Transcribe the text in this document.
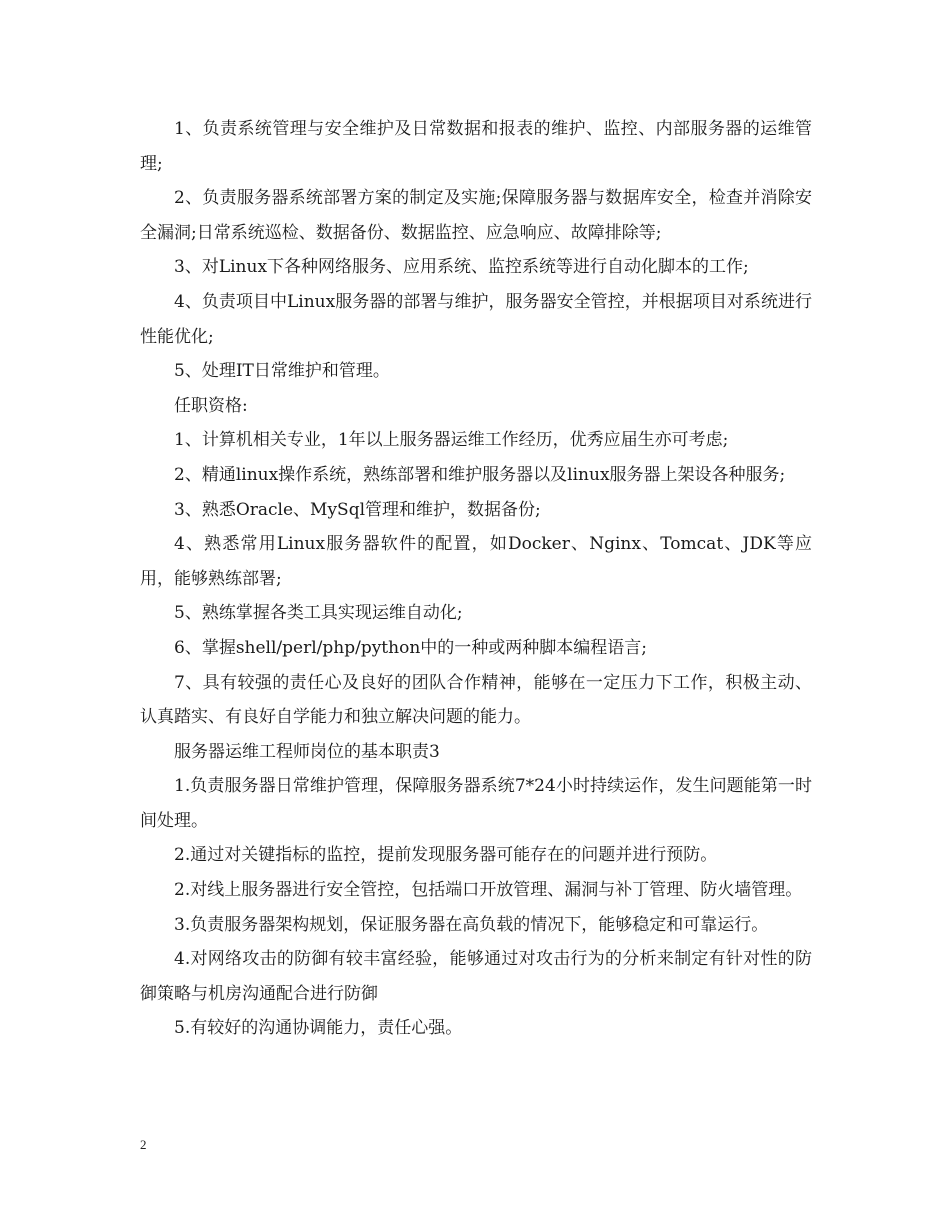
1、负责系统管理与安全维护及日常数据和报表的维护、监控、内部服务器的运维管理;

2、负责服务器系统部署方案的制定及实施;保障服务器与数据库安全，检查并消除安全漏洞;日常系统巡检、数据备份、数据监控、应急响应、故障排除等;

3、对Linux下各种网络服务、应用系统、监控系统等进行自动化脚本的工作;

4、负责项目中Linux服务器的部署与维护，服务器安全管控，并根据项目对系统进行性能优化;

5、处理IT日常维护和管理。

任职资格:

1、计算机相关专业，1年以上服务器运维工作经历，优秀应届生亦可考虑;

2、精通linux操作系统，熟练部署和维护服务器以及linux服务器上架设各种服务;

3、熟悉Oracle、MySql管理和维护，数据备份;

4、熟悉常用Linux服务器软件的配置，如Docker、Nginx、Tomcat、JDK等应用，能够熟练部署;

5、熟练掌握各类工具实现运维自动化;

6、掌握shell/perl/php/python中的一种或两种脚本编程语言;

7、具有较强的责任心及良好的团队合作精神，能够在一定压力下工作，积极主动、认真踏实、有良好自学能力和独立解决问题的能力。

服务器运维工程师岗位的基本职责3

1.负责服务器日常维护管理，保障服务器系统7*24小时持续运作，发生问题能第一时间处理。

2.通过对关键指标的监控，提前发现服务器可能存在的问题并进行预防。

2.对线上服务器进行安全管控，包括端口开放管理、漏洞与补丁管理、防火墙管理。

3.负责服务器架构规划，保证服务器在高负载的情况下，能够稳定和可靠运行。

4.对网络攻击的防御有较丰富经验，能够通过对攻击行为的分析来制定有针对性的防御策略与机房沟通配合进行防御

5.有较好的沟通协调能力，责任心强。

2
